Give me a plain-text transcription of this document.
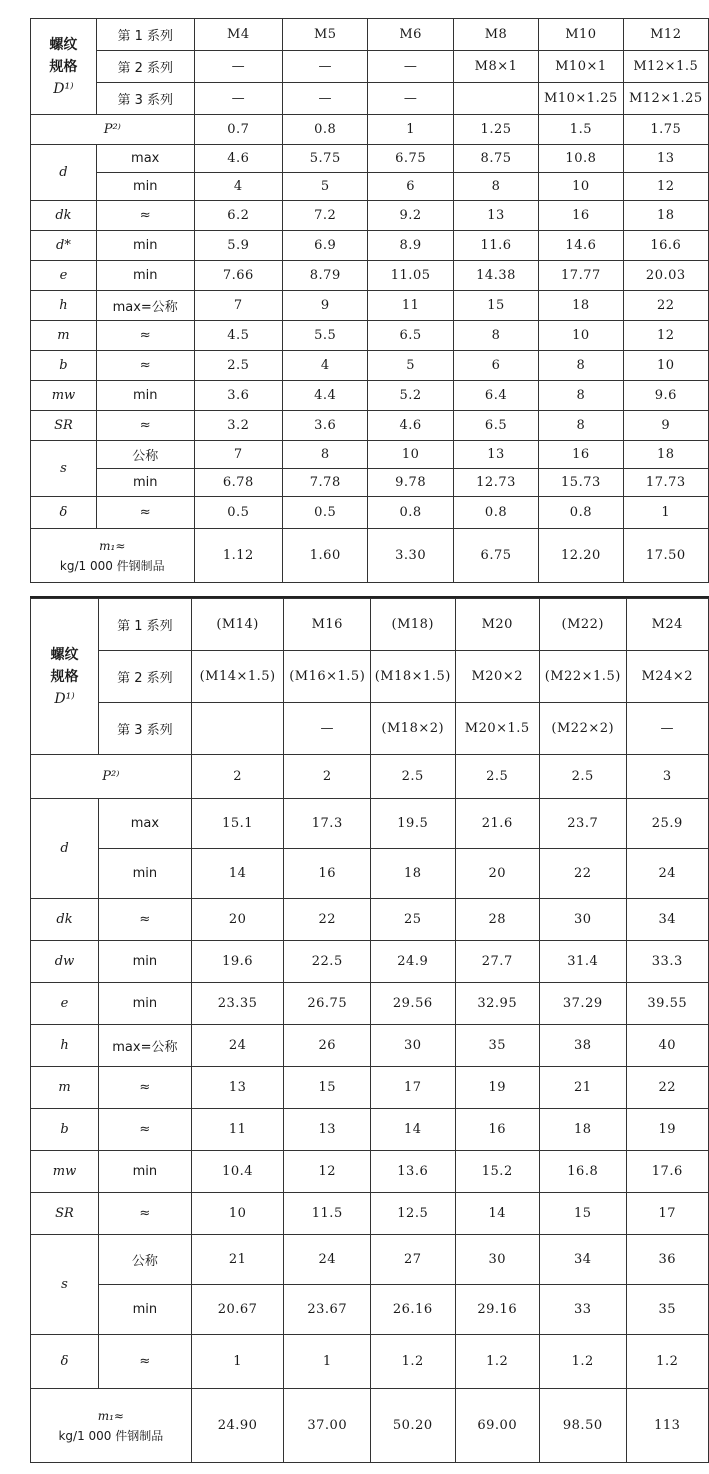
螺纹规格
D¹⁾	第 1 系列	M4	M5	M6	M8	M10	M12
	第 2 系列	—	—	—	M8×1	M10×1	M12×1.5
	第 3 系列	—	—	—		M10×1.25	M12×1.25
P²⁾		0.7	0.8	1	1.25	1.5	1.75
d	max	4.6	5.75	6.75	8.75	10.8	13
	min	4	5	6	8	10	12
dk	≈	6.2	7.2	9.2	13	16	18
d*	min	5.9	6.9	8.9	11.6	14.6	16.6
e	min	7.66	8.79	11.05	14.38	17.77	20.03
h	max=公称	7	9	11	15	18	22
m	≈	4.5	5.5	6.5	8	10	12
b	≈	2.5	4	5	6	8	10
mw	min	3.6	4.4	5.2	6.4	8	9.6
SR	≈	3.2	3.6	4.6	6.5	8	9
s	公称	7	8	10	13	16	18
	min	6.78	7.78	9.78	12.73	15.73	17.73
δ	≈	0.5	0.5	0.8	0.8	0.8	1

m₁≈
kg/1 000 件钢制品		1.12	1.60	3.30	6.75	12.20	17.50
螺纹规格
D¹⁾	第 1 系列	(M14)	M16	(M18)	M20	(M22)	M24
	第 2 系列	(M14×1.5)	(M16×1.5)	(M18×1.5)	M20×2	(M22×1.5)	M24×2
	第 3 系列		—	(M18×2)	M20×1.5	(M22×2)	—
P²⁾		2	2	2.5	2.5	2.5	3
d	max	15.1	17.3	19.5	21.6	23.7	25.9
	min	14	16	18	20	22	24
dk	≈	20	22	25	28	30	34
dw	min	19.6	22.5	24.9	27.7	31.4	33.3
e	min	23.35	26.75	29.56	32.95	37.29	39.55
h	max=公称	24	26	30	35	38	40
m	≈	13	15	17	19	21	22
b	≈	11	13	14	16	18	19
mw	min	10.4	12	13.6	15.2	16.8	17.6
SR	≈	10	11.5	12.5	14	15	17
s	公称	21	24	27	30	34	36
	min	20.67	23.67	26.16	29.16	33	35
δ	≈	1	1	1.2	1.2	1.2	1.2

m₁≈
kg/1 000 件钢制品		24.90	37.00	50.20	69.00	98.50	113
